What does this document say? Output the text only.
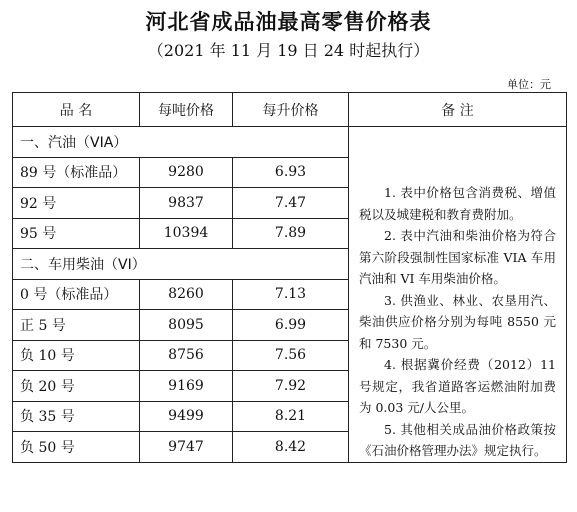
河北省成品油最高零售价格表
（2021 年 11 月 19 日 24 时起执行）
单位：元
品 名	每吨价格	每升价格	备 注
一、汽油（VIA）			1. 表中价格包含消费税、增值税以及城建税和教育费附加。

2. 表中汽油和柴油价格为符合第六阶段强制性国家标准 VIA 车用汽油和 VI 车用柴油价格。

3. 供渔业、林业、农垦用汽、柴油供应价格分别为每吨 8550 元和 7530 元。

4. 根据冀价经费（2012）11 号规定，我省道路客运燃油附加费为 0.03 元/人公里。

5. 其他相关成品油价格政策按《石油价格管理办法》规定执行。

89 号（标准品）	9280	6.93	
92 号	9837	7.47	
95 号	10394	7.89	
二、车用柴油（VI）			
0 号（标准品）	8260	7.13	
正 5 号	8095	6.99	
负 10 号	8756	7.56	
负 20 号	9169	7.92	
负 35 号	9499	8.21	
负 50 号	9747	8.42	
